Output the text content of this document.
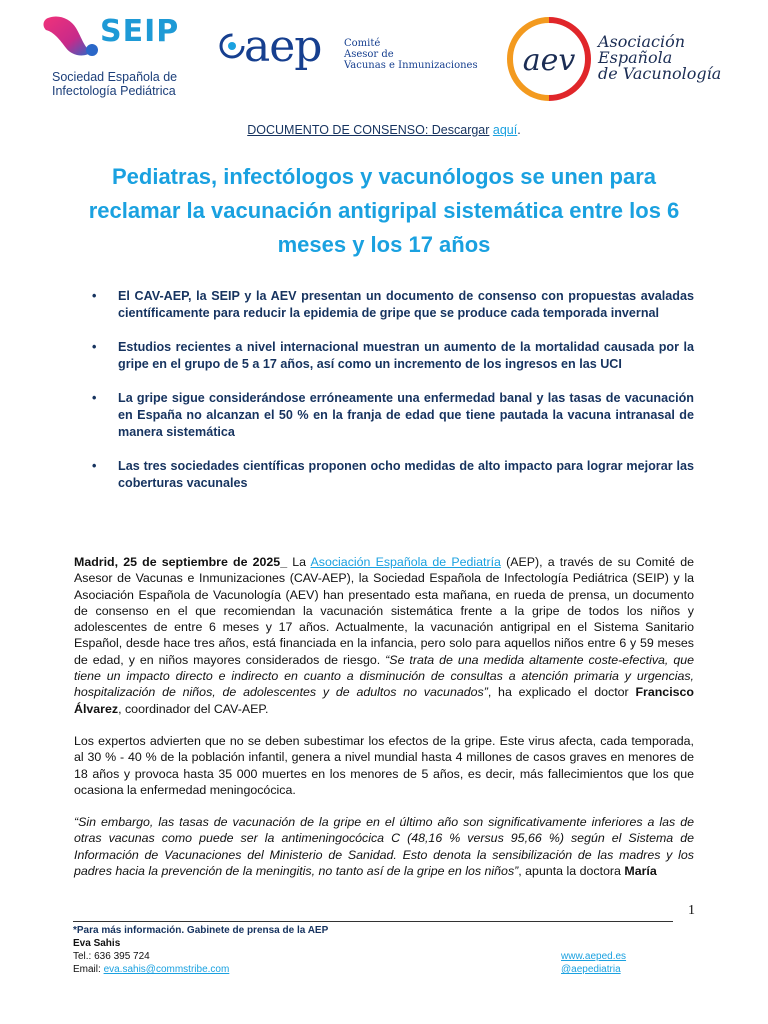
SEIP
Sociedad Española de
Infectología Pediátrica
aep Comité
Asesor de
Vacunas e Inmunizaciones aev
Asociación
Española
de Vacunología
DOCUMENTO DE CONSENSO: Descargar aquí.
Pediatras, infectólogos y vacunólogos se unen para reclamar la vacunación antigripal sistemática entre los 6 meses y los 17 años
• El CAV-AEP, la SEIP y la AEV presentan un documento de consenso con propuestas avaladas científicamente para reducir la epidemia de gripe que se produce cada temporada invernal
• Estudios recientes a nivel internacional muestran un aumento de la mortalidad causada por la gripe en el grupo de 5 a 17 años, así como un incremento de los ingresos en las UCI
• La gripe sigue considerándose erróneamente una enfermedad banal y las tasas de vacunación en España no alcanzan el 50 % en la franja de edad que tiene pautada la vacuna intranasal de manera sistemática
• Las tres sociedades científicas proponen ocho medidas de alto impacto para lograr mejorar las coberturas vacunales

Madrid, 25 de septiembre de 2025_ La Asociación Española de Pediatría (AEP), a través de su Comité de Asesor de Vacunas e Inmunizaciones (CAV-AEP), la Sociedad Española de Infectología Pediátrica (SEIP) y la Asociación Española de Vacunología (AEV) han presentado esta mañana, en rueda de prensa, un documento de consenso en el que recomiendan la vacunación sistemática frente a la gripe de todos los niños y adolescentes de entre 6 meses y 17 años. Actualmente, la vacunación antigripal en el Sistema Sanitario Español, desde hace tres años, está financiada en la infancia, pero solo para aquellos niños entre 6 y 59 meses de edad, y en niños mayores considerados de riesgo. “Se trata de una medida altamente coste-efectiva, que tiene un impacto directo e indirecto en cuanto a disminución de consultas a atención primaria y urgencias, hospitalización de niños, de adolescentes y de adultos no vacunados”, ha explicado el doctor Francisco Álvarez, coordinador del CAV-AEP.

Los expertos advierten que no se deben subestimar los efectos de la gripe. Este virus afecta, cada temporada, al 30 % - 40 % de la población infantil, genera a nivel mundial hasta 4 millones de casos graves en menores de 18 años y provoca hasta 35 000 muertes en los menores de 5 años, es decir, más fallecimientos que los que ocasiona la enfermedad meningocócica.

“Sin embargo, las tasas de vacunación de la gripe en el último año son significativamente inferiores a las de otras vacunas como puede ser la antimeningocócica C (48,16 % versus 95,66 %) según el Sistema de Información de Vacunaciones del Ministerio de Sanidad. Esto denota la sensibilización de las madres y los padres hacia la prevención de la meningitis, no tanto así de la gripe en los niños”, apunta la doctora María

1
*Para más información. Gabinete de prensa de la AEP
Eva Sahis
Tel.: 636 395 724	www.aeped.es
Email: eva.sahis@commstribe.com	@aepediatria
